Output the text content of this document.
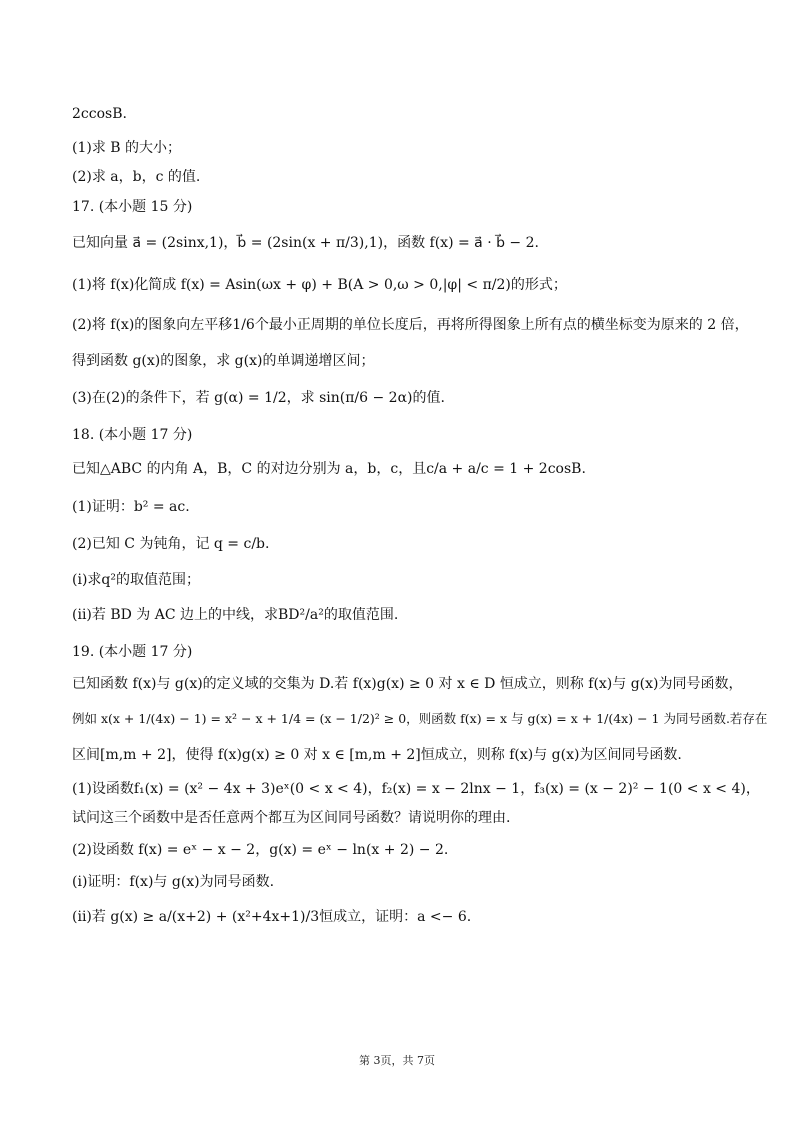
2ccosB.
(1)求 B 的大小；
(2)求 a，b，c 的值.
17. (本小题 15 分)
已知向量 a⃗ = (2sinx,1)，b⃗ = (2sin(x + π/3),1)，函数 f(x) = a⃗ · b⃗ − 2.
(1)将 f(x)化简成 f(x) = Asin(ωx + φ) + B(A > 0,ω > 0,|φ| < π/2)的形式；
(2)将 f(x)的图象向左平移1/6个最小正周期的单位长度后，再将所得图象上所有点的横坐标变为原来的 2 倍，
得到函数 g(x)的图象，求 g(x)的单调递增区间；
(3)在(2)的条件下，若 g(α) = 1/2，求 sin(π/6 − 2α)的值.
18. (本小题 17 分)
已知△ABC 的内角 A，B，C 的对边分别为 a，b，c，且c/a + a/c = 1 + 2cosB.
(1)证明：b² = ac.
(2)已知 C 为钝角，记 q = c/b.
(ⅰ)求q²的取值范围；
(ⅱ)若 BD 为 AC 边上的中线，求BD²/a²的取值范围.
19. (本小题 17 分)
已知函数 f(x)与 g(x)的定义域的交集为 D.若 f(x)g(x) ≥ 0 对 x ∈ D 恒成立，则称 f(x)与 g(x)为同号函数，
例如 x(x + 1/(4x) − 1) = x² − x + 1/4 = (x − 1/2)² ≥ 0，则函数 f(x) = x 与 g(x) = x + 1/(4x) − 1 为同号函数.若存在
区间[m,m + 2]，使得 f(x)g(x) ≥ 0 对 x ∈ [m,m + 2]恒成立，则称 f(x)与 g(x)为区间同号函数.
(1)设函数f₁(x) = (x² − 4x + 3)eˣ(0 < x < 4)，f₂(x) = x − 2lnx − 1，f₃(x) = (x − 2)² − 1(0 < x < 4)，
试问这三个函数中是否任意两个都互为区间同号函数？请说明你的理由.
(2)设函数 f(x) = eˣ − x − 2，g(x) = eˣ − ln(x + 2) − 2.
(i)证明：f(x)与 g(x)为同号函数.
(ii)若 g(x) ≥ a/(x+2) + (x²+4x+1)/3恒成立，证明：a <− 6.
第 3页，共 7页
